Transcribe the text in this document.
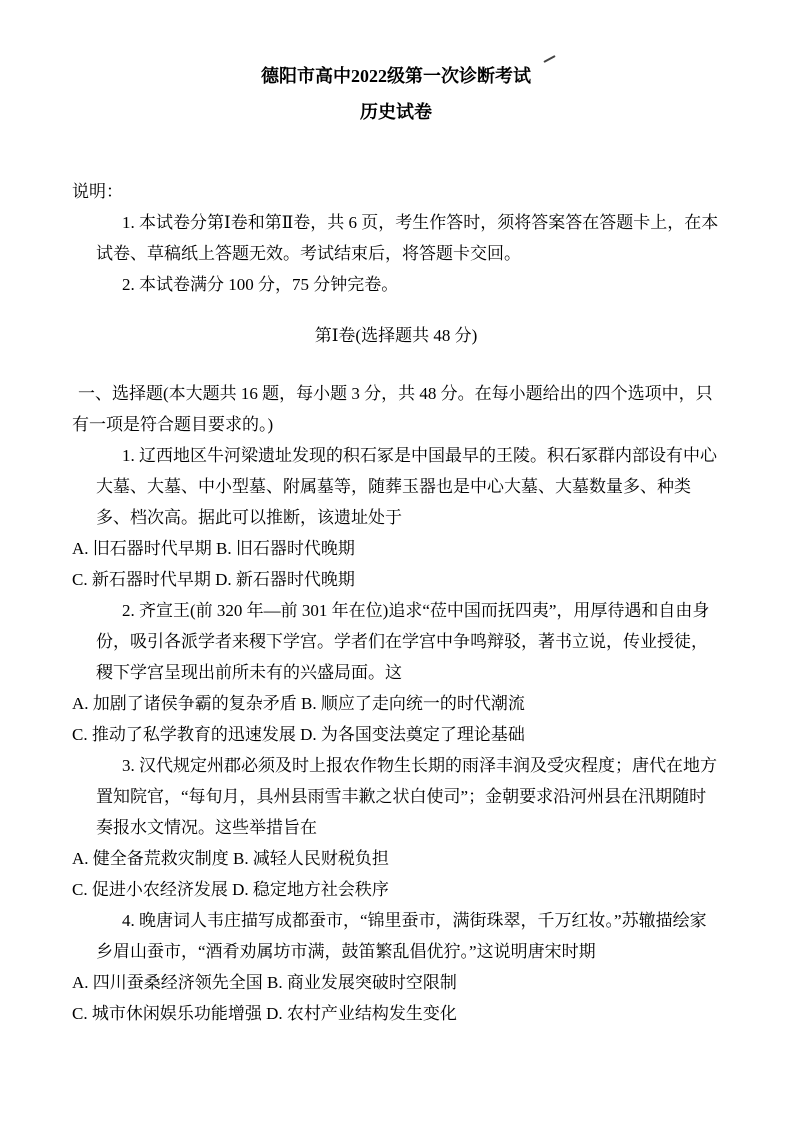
德阳市高中2022级第一次诊断考试
历史试卷

说明：

1. 本试卷分第Ⅰ卷和第Ⅱ卷，共 6 页，考生作答时，须将答案答在答题卡上，在本试卷、草稿纸上答题无效。考试结束后，将答题卡交回。

2. 本试卷满分 100 分，75 分钟完卷。

第Ⅰ卷(选择题共 48 分)

一、选择题(本大题共 16 题，每小题 3 分，共 48 分。在每小题给出的四个选项中，只有一项是符合题目要求的。)

1. 辽西地区牛河梁遗址发现的积石冢是中国最早的王陵。积石冢群内部设有中心大墓、大墓、中小型墓、附属墓等，随葬玉器也是中心大墓、大墓数量多、种类多、档次高。据此可以推断，该遗址处于

A. 旧石器时代早期 B. 旧石器时代晚期

C. 新石器时代早期 D. 新石器时代晚期

2. 齐宣王(前 320 年—前 301 年在位)追求“莅中国而抚四夷”，用厚待遇和自由身份，吸引各派学者来稷下学宫。学者们在学宫中争鸣辩驳，著书立说，传业授徒，稷下学宫呈现出前所未有的兴盛局面。这

A. 加剧了诸侯争霸的复杂矛盾 B. 顺应了走向统一的时代潮流

C. 推动了私学教育的迅速发展 D. 为各国变法奠定了理论基础

3. 汉代规定州郡必须及时上报农作物生长期的雨泽丰润及受灾程度；唐代在地方置知院官，“每旬月，具州县雨雪丰歉之状白使司”；金朝要求沿河州县在汛期随时奏报水文情况。这些举措旨在

A. 健全备荒救灾制度 B. 减轻人民财税负担

C. 促进小农经济发展 D. 稳定地方社会秩序

4. 晚唐词人韦庄描写成都蚕市，“锦里蚕市，满街珠翠，千万红妆。”苏辙描绘家乡眉山蚕市，“酒肴劝属坊市满，鼓笛繁乱倡优狞。”这说明唐宋时期

A. 四川蚕桑经济领先全国 B. 商业发展突破时空限制

C. 城市休闲娱乐功能增强 D. 农村产业结构发生变化
